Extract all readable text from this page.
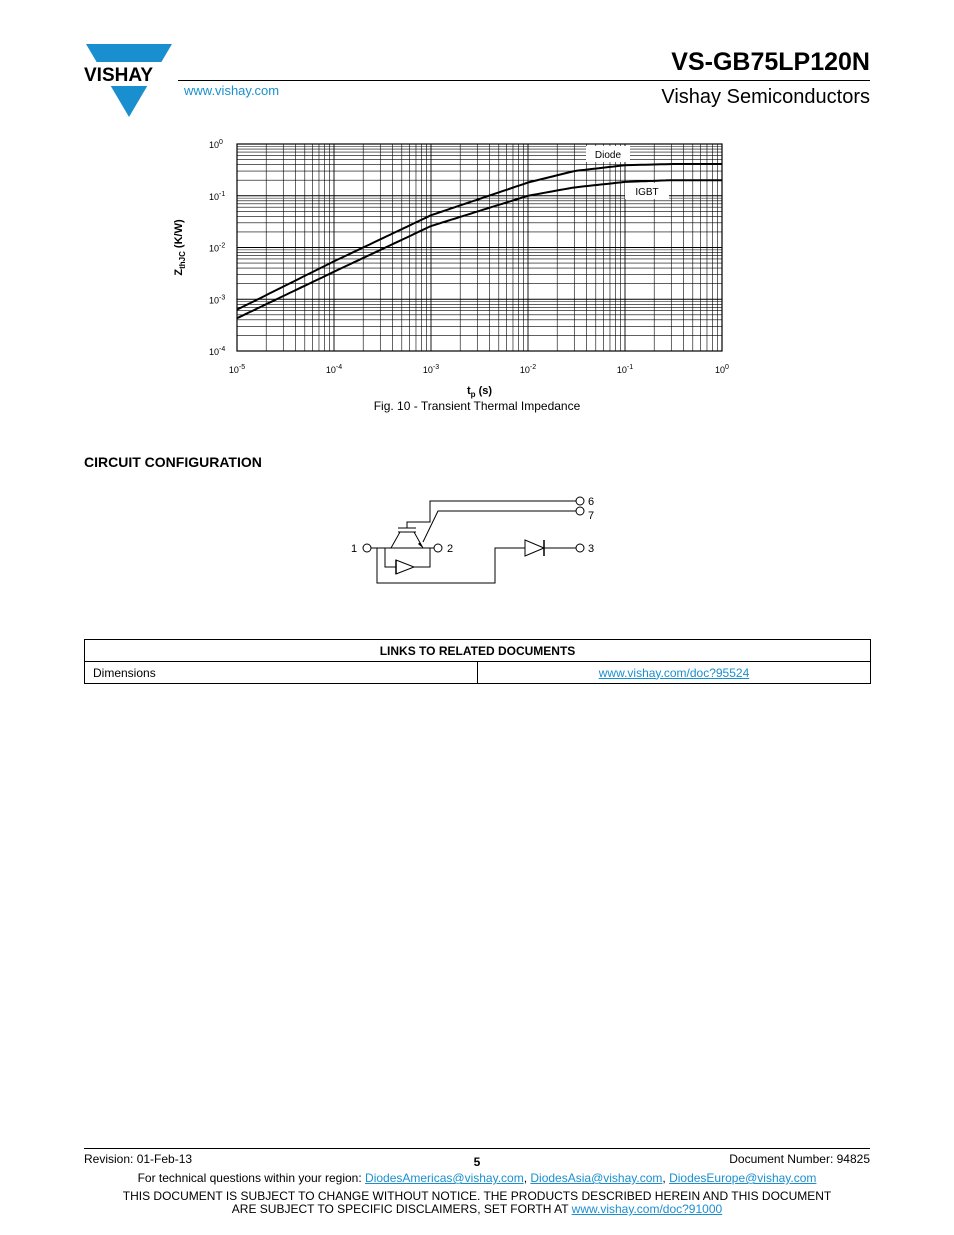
VISHAY
www.vishay.com
VS-GB75LP120N
Vishay Semiconductors
Diode
IGBT
$10^{-5}$	$10^{-4}$	$10^{-3}$	$10^{-2}$	$10^{-1}$	$10^0$
$10^0$
$10^{-1}$
$10^{-2}$
$10^{-3}$
$10^{-4}$
$t_p$ (s)
$Z_{thJC}$ (K/W)
Fig. 10 - Transient Thermal Impedance
CIRCUIT CONFIGURATION
1	2	3
6
7
LINKS TO RELATED DOCUMENTS
Dimensions	www.vishay.com/doc?95524
Revision: 01-Feb-13	5	Document Number: 94825
For technical questions within your region: DiodesAmericas@vishay.com, DiodesAsia@vishay.com, DiodesEurope@vishay.com
THIS DOCUMENT IS SUBJECT TO CHANGE WITHOUT NOTICE. THE PRODUCTS DESCRIBED HEREIN AND THIS DOCUMENT
ARE SUBJECT TO SPECIFIC DISCLAIMERS, SET FORTH AT www.vishay.com/doc?91000
